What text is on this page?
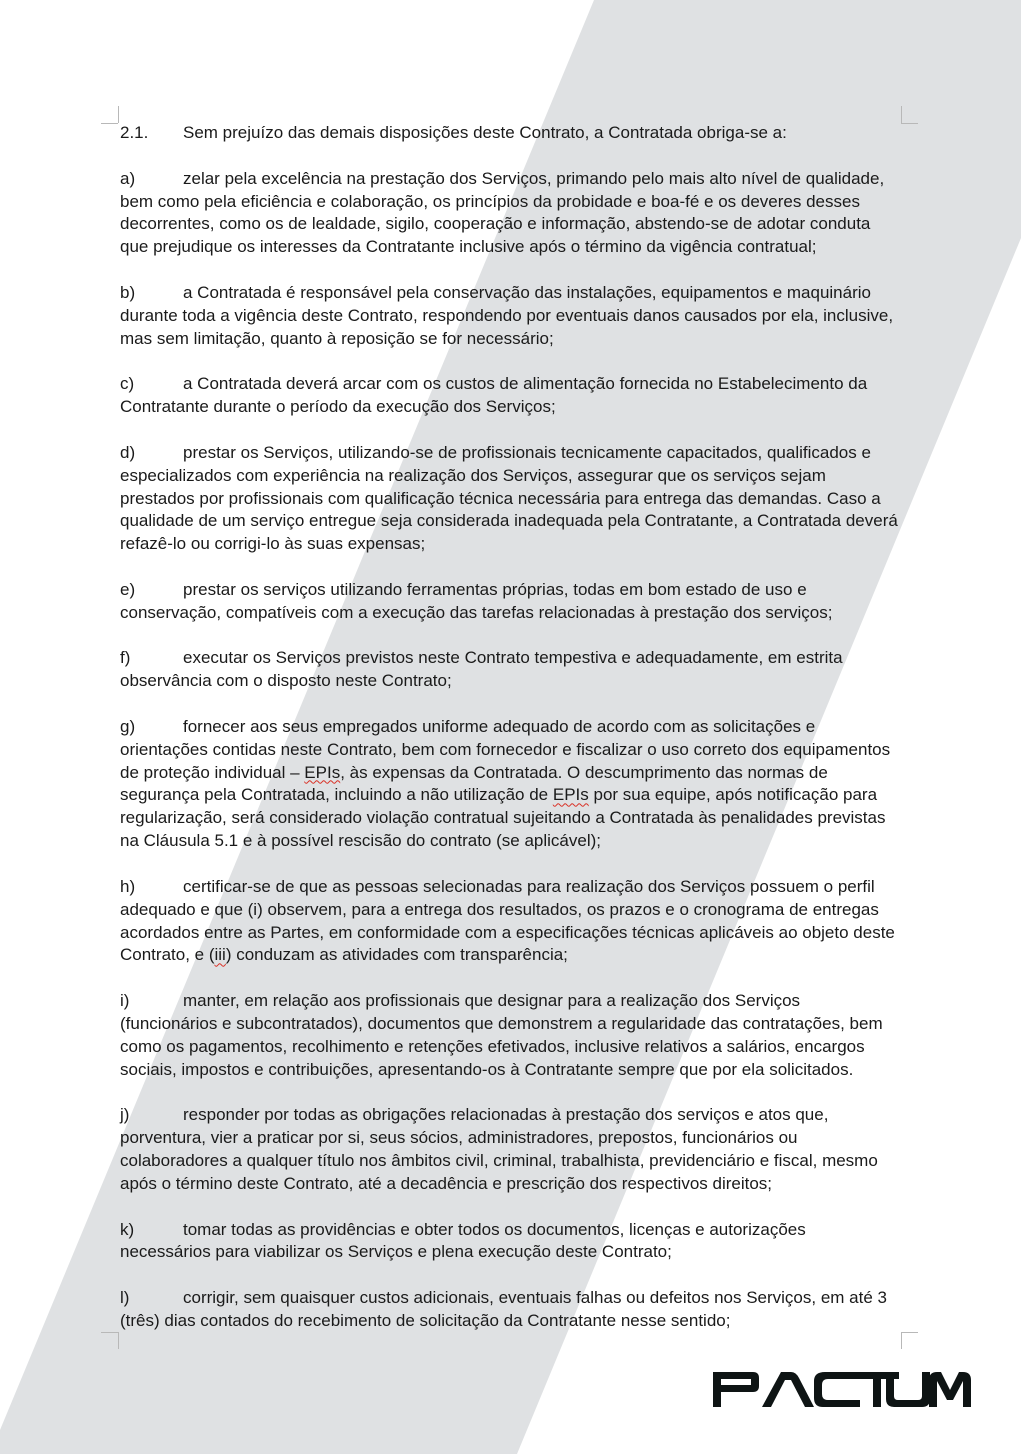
2.1. Sem prejuízo das demais disposições deste Contrato, a Contratada obriga-se a:
a)	zelar pela excelência na prestação dos Serviços, primando pelo mais alto nível de qualidade,
bem como pela eficiência e colaboração, os princípios da probidade e boa-fé e os deveres desses
decorrentes, como os de lealdade, sigilo, cooperação e informação, abstendo-se de adotar conduta
que prejudique os interesses da Contratante inclusive após o término da vigência contratual;
b)	a Contratada é responsável pela conservação das instalações, equipamentos e maquinário
durante toda a vigência deste Contrato, respondendo por eventuais danos causados por ela, inclusive,
mas sem limitação, quanto à reposição se for necessário;
c)	a Contratada deverá arcar com os custos de alimentação fornecida no Estabelecimento da
Contratante durante o período da execução dos Serviços;
d)	prestar os Serviços, utilizando-se de profissionais tecnicamente capacitados, qualificados e
especializados com experiência na realização dos Serviços, assegurar que os serviços sejam
prestados por profissionais com qualificação técnica necessária para entrega das demandas. Caso a
qualidade de um serviço entregue seja considerada inadequada pela Contratante, a Contratada deverá
refazê-lo ou corrigi-lo às suas expensas;
e)	prestar os serviços utilizando ferramentas próprias, todas em bom estado de uso e
conservação, compatíveis com a execução das tarefas relacionadas à prestação dos serviços;
f)	executar os Serviços previstos neste Contrato tempestiva e adequadamente, em estrita
observância com o disposto neste Contrato;
g)	fornecer aos seus empregados uniforme adequado de acordo com as solicitações e
orientações contidas neste Contrato, bem com fornecedor e fiscalizar o uso correto dos equipamentos
de proteção individual – EPIs, às expensas da Contratada. O descumprimento das normas de
segurança pela Contratada, incluindo a não utilização de EPIs por sua equipe, após notificação para
regularização, será considerado violação contratual sujeitando a Contratada às penalidades previstas
na Cláusula 5.1 e à possível rescisão do contrato (se aplicável);
h)	certificar-se de que as pessoas selecionadas para realização dos Serviços possuem o perfil
adequado e que (i) observem, para a entrega dos resultados, os prazos e o cronograma de entregas
acordados entre as Partes, em conformidade com a especificações técnicas aplicáveis ao objeto deste
Contrato, e (iii) conduzam as atividades com transparência;
i)	manter, em relação aos profissionais que designar para a realização dos Serviços
(funcionários e subcontratados), documentos que demonstrem a regularidade das contratações, bem
como os pagamentos, recolhimento e retenções efetivados, inclusive relativos a salários, encargos
sociais, impostos e contribuições, apresentando-os à Contratante sempre que por ela solicitados.
j)	responder por todas as obrigações relacionadas à prestação dos serviços e atos que,
porventura, vier a praticar por si, seus sócios, administradores, prepostos, funcionários ou
colaboradores a qualquer título nos âmbitos civil, criminal, trabalhista, previdenciário e fiscal, mesmo
após o término deste Contrato, até a decadência e prescrição dos respectivos direitos;
k)	tomar todas as providências e obter todos os documentos, licenças e autorizações
necessários para viabilizar os Serviços e plena execução deste Contrato;
l)	corrigir, sem quaisquer custos adicionais, eventuais falhas ou defeitos nos Serviços, em até 3
(três) dias contados do recebimento de solicitação da Contratante nesse sentido;
